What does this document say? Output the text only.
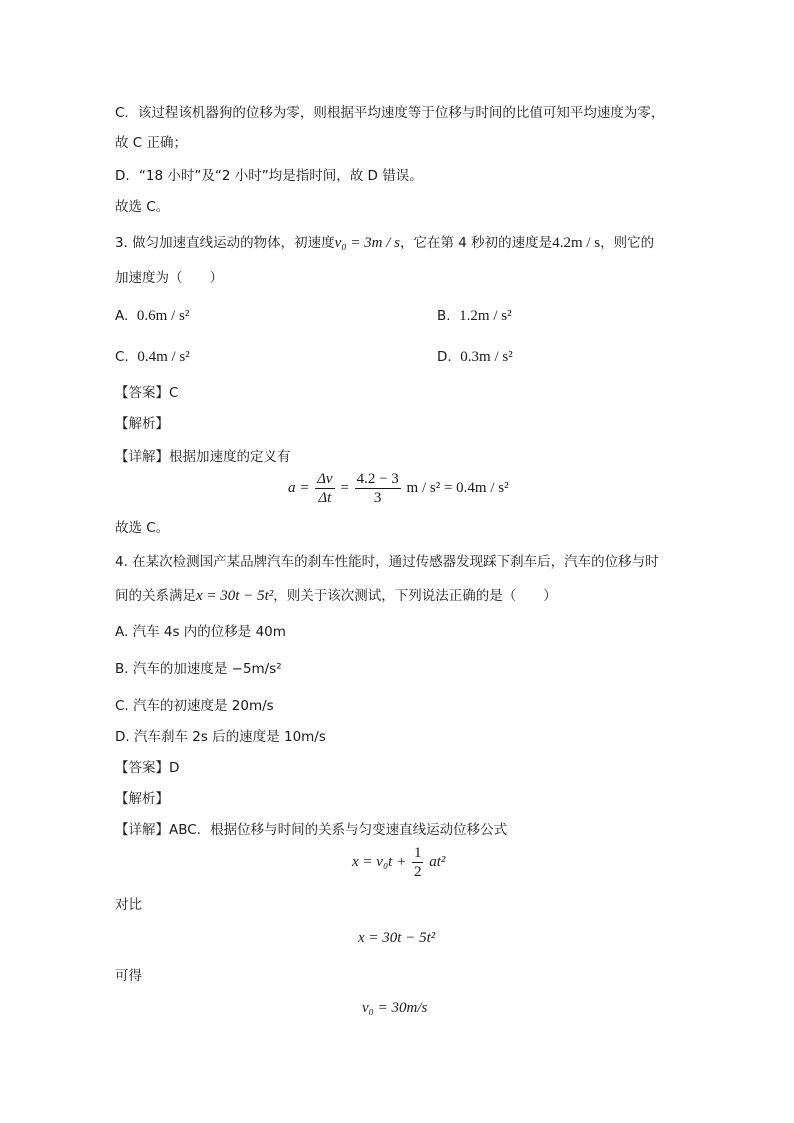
C．该过程该机器狗的位移为零，则根据平均速度等于位移与时间的比值可知平均速度为零，
故 C 正确；
D．“18 小时”及“2 小时”均是指时间，故 D 错误。
故选 C。
3. 做匀加速直线运动的物体，初速度v₀ = 3m / s，它在第 4 秒初的速度是4.2m / s，则它的
加速度为（　　）
A. 0.6m / s²	B. 1.2m / s²
C. 0.4m / s²	D. 0.3m / s²
【答案】C
【解析】
【详解】根据加速度的定义有
$a = \frac{\Delta v}{\Delta t} = \frac{4.2 - 3}{3}$ m / s² = 0.4m / s²
故选 C。
4. 在某次检测国产某品牌汽车的刹车性能时，通过传感器发现踩下刹车后，汽车的位移与时
间的关系满足x = 30t − 5t²，则关于该次测试，下列说法正确的是（　　）
A. 汽车 4s 内的位移是 40m
B. 汽车的加速度是 −5m/s²
C. 汽车的初速度是 20m/s
D. 汽车刹车 2s 后的速度是 10m/s
【答案】D
【解析】
【详解】ABC．根据位移与时间的关系与匀变速直线运动位移公式
$x = v_0t + \frac{1}{2} at^2$
对比
x = 30t − 5t²
可得
v₀ = 30m/s
